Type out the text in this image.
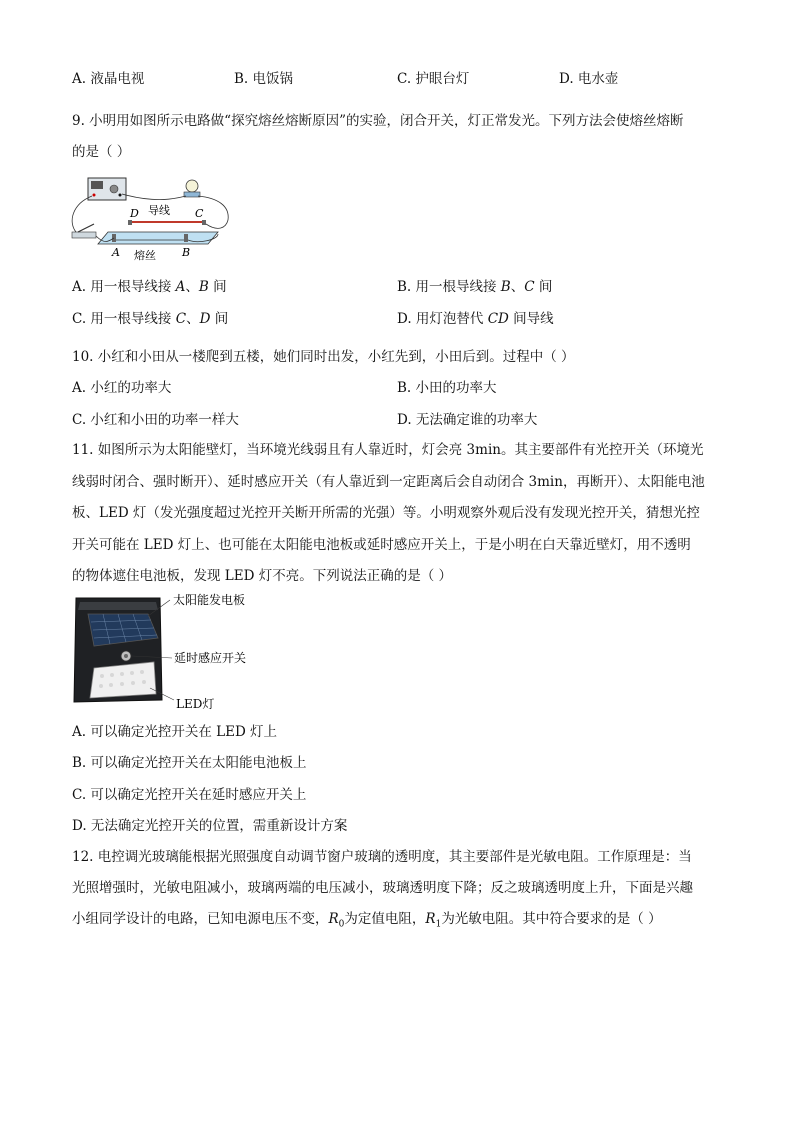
A. 液晶电视	B. 电饭锅	C. 护眼台灯	D. 电水壶
9. 小明用如图所示电路做“探究熔丝熔断原因”的实验，闭合开关，灯正常发光。下列方法会使熔丝熔断
的是（ ）
D	C
导线
A	B
熔丝
A. 用一根导线接 A、B 间	B. 用一根导线接 B、C 间
C. 用一根导线接 C、D 间	D. 用灯泡替代 CD 间导线
10. 小红和小田从一楼爬到五楼，她们同时出发，小红先到，小田后到。过程中（ ）
A. 小红的功率大	B. 小田的功率大
C. 小红和小田的功率一样大	D. 无法确定谁的功率大
11. 如图所示为太阳能壁灯，当环境光线弱且有人靠近时，灯会亮 3min。其主要部件有光控开关（环境光
线弱时闭合、强时断开）、延时感应开关（有人靠近到一定距离后会自动闭合 3min，再断开）、太阳能电池
板、LED 灯（发光强度超过光控开关断开所需的光强）等。小明观察外观后没有发现光控开关，猜想光控
开关可能在 LED 灯上、也可能在太阳能电池板或延时感应开关上，于是小明在白天靠近壁灯，用不透明
的物体遮住电池板，发现 LED 灯不亮。下列说法正确的是（ ）
太阳能发电板
延时感应开关
LED灯
A. 可以确定光控开关在 LED 灯上
B. 可以确定光控开关在太阳能电池板上
C. 可以确定光控开关在延时感应开关上
D. 无法确定光控开关的位置，需重新设计方案
12. 电控调光玻璃能根据光照强度自动调节窗户玻璃的透明度，其主要部件是光敏电阻。工作原理是：当
光照增强时，光敏电阻减小，玻璃两端的电压减小，玻璃透明度下降；反之玻璃透明度上升，下面是兴趣
小组同学设计的电路，已知电源电压不变，$R_0$为定值电阻，$R_1$为光敏电阻。其中符合要求的是（ ）
